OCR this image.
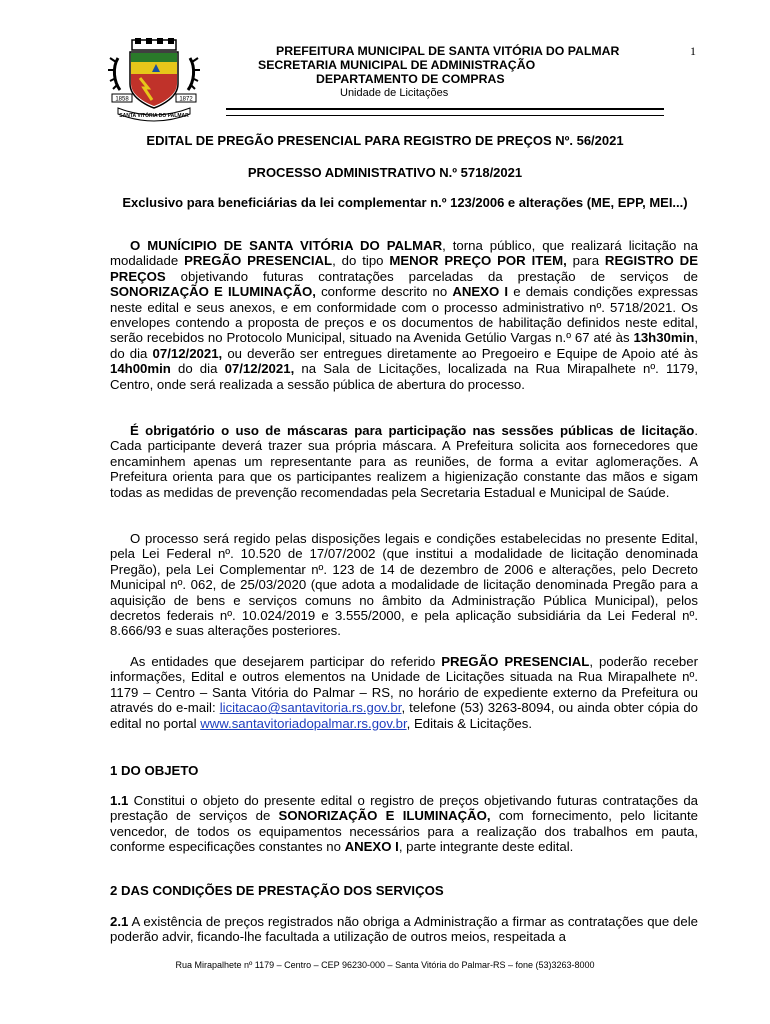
1858	1872
SANTA VITÓRIA DO PALMAR
PREFEITURA MUNICIPAL DE SANTA VITÓRIA DO PALMAR
SECRETARIA MUNICIPAL DE ADMINISTRAÇÃO
DEPARTAMENTO DE COMPRAS
Unidade de Licitações
1
EDITAL DE PREGÃO PRESENCIAL PARA REGISTRO DE PREÇOS Nº. 56/2021
PROCESSO ADMINISTRATIVO N.º 5718/2021
Exclusivo para beneficiárias da lei complementar n.º 123/2006 e alterações (ME, EPP, MEI...)

O MUNÍCIPIO DE SANTA VITÓRIA DO PALMAR, torna público, que realizará licitação na modalidade PREGÃO PRESENCIAL, do tipo MENOR PREÇO POR ITEM, para REGISTRO DE PREÇOS objetivando futuras contratações parceladas da prestação de serviços de SONORIZAÇÃO E ILUMINAÇÃO, conforme descrito no ANEXO I e demais condições expressas neste edital e seus anexos, e em conformidade com o processo administrativo nº. 5718/2021. Os envelopes contendo a proposta de preços e os documentos de habilitação definidos neste edital, serão recebidos no Protocolo Municipal, situado na Avenida Getúlio Vargas n.º 67 até às 13h30min, do dia 07/12/2021, ou deverão ser entregues diretamente ao Pregoeiro e Equipe de Apoio até às 14h00min do dia 07/12/2021, na Sala de Licitações, localizada na Rua Mirapalhete nº. 1179, Centro, onde será realizada a sessão pública de abertura do processo.

É obrigatório o uso de máscaras para participação nas sessões públicas de licitação. Cada participante deverá trazer sua própria máscara. A Prefeitura solicita aos fornecedores que encaminhem apenas um representante para as reuniões, de forma a evitar aglomerações. A Prefeitura orienta para que os participantes realizem a higienização constante das mãos e sigam todas as medidas de prevenção recomendadas pela Secretaria Estadual e Municipal de Saúde.

O processo será regido pelas disposições legais e condições estabelecidas no presente Edital, pela Lei Federal nº. 10.520 de 17/07/2002 (que institui a modalidade de licitação denominada Pregão), pela Lei Complementar nº. 123 de 14 de dezembro de 2006 e alterações, pelo Decreto Municipal nº. 062, de 25/03/2020 (que adota a modalidade de licitação denominada Pregão para a aquisição de bens e serviços comuns no âmbito da Administração Pública Municipal), pelos decretos federais nº. 10.024/2019 e 3.555/2000, e pela aplicação subsidiária da Lei Federal nº. 8.666/93 e suas alterações posteriores.

As entidades que desejarem participar do referido PREGÃO PRESENCIAL, poderão receber informações, Edital e outros elementos na Unidade de Licitações situada na Rua Mirapalhete nº. 1179 – Centro – Santa Vitória do Palmar – RS, no horário de expediente externo da Prefeitura ou através do e-mail: licitacao@santavitoria.rs.gov.br, telefone (53) 3263-8094, ou ainda obter cópia do edital no portal www.santavitoriadopalmar.rs.gov.br, Editais & Licitações.

1 DO OBJETO

1.1 Constitui o objeto do presente edital o registro de preços objetivando futuras contratações da prestação de serviços de SONORIZAÇÃO E ILUMINAÇÃO, com fornecimento, pelo licitante vencedor, de todos os equipamentos necessários para a realização dos trabalhos em pauta, conforme especificações constantes no ANEXO I, parte integrante deste edital.

2 DAS CONDIÇÕES DE PRESTAÇÃO DOS SERVIÇOS

2.1 A existência de preços registrados não obriga a Administração a firmar as contratações que dele poderão advir, ficando-lhe facultada a utilização de outros meios, respeitada a

Rua Mirapalhete nº 1179 – Centro – CEP 96230-000 – Santa Vitória do Palmar-RS – fone (53)3263-8000
